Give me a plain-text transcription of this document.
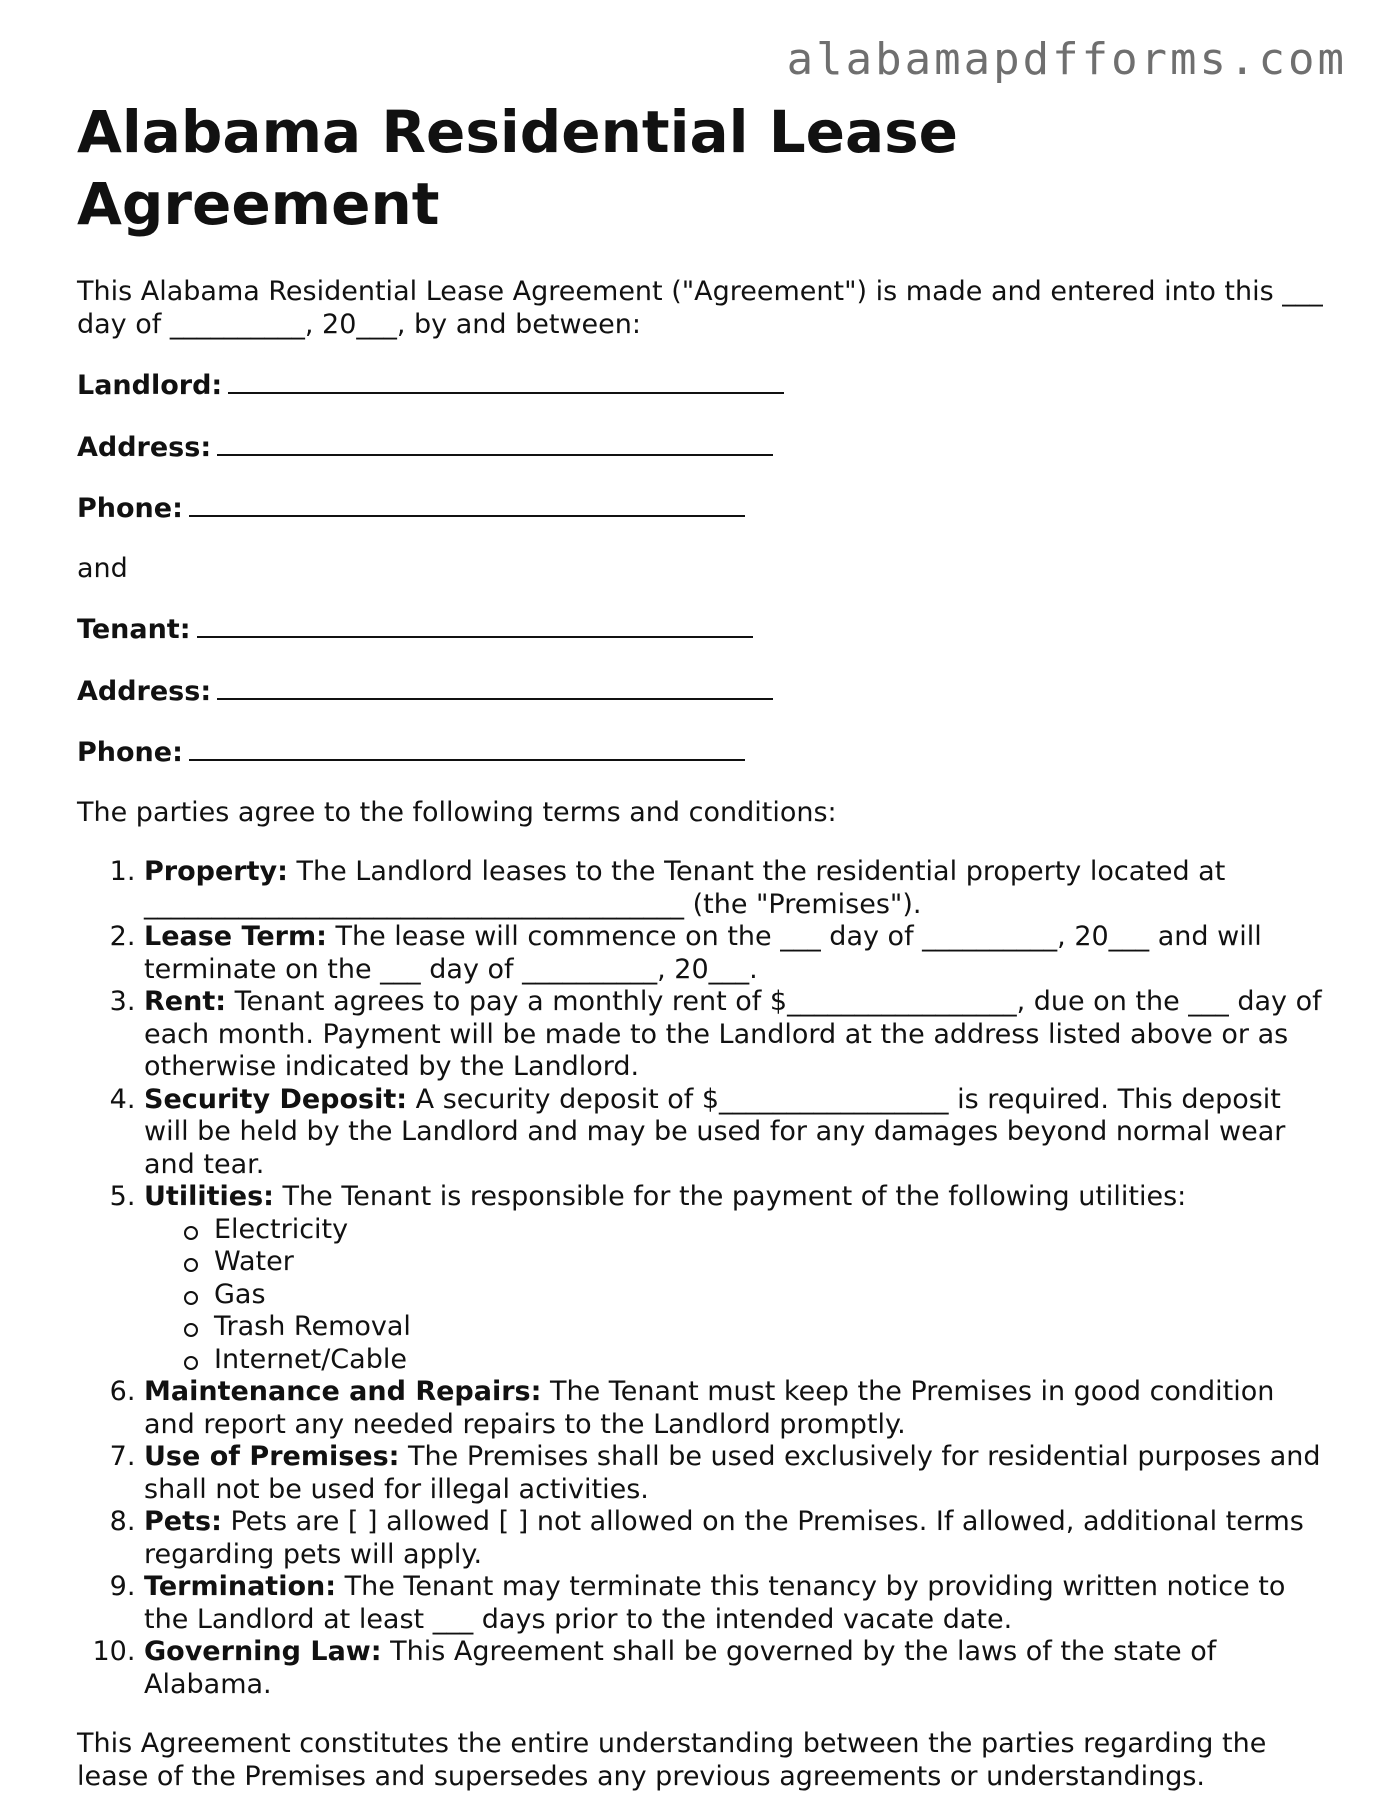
alabamapdfforms.com

Alabama Residential Lease Agreement

This Alabama Residential Lease Agreement ("Agreement") is made and entered into this ___ day of __________, 20___, by and between:

Landlord:

Address:

Phone:

and

Tenant:

Address:

Phone:

The parties agree to the following terms and conditions:

1. Property: The Landlord leases to the Tenant the residential property located at ________________________________________ (the "Premises").
2. Lease Term: The lease will commence on the ___ day of __________, 20___ and will terminate on the ___ day of __________, 20___.
3. Rent: Tenant agrees to pay a monthly rent of $_________________, due on the ___ day of each month. Payment will be made to the Landlord at the address listed above or as otherwise indicated by the Landlord.
4. Security Deposit: A security deposit of $_________________ is required. This deposit will be held by the Landlord and may be used for any damages beyond normal wear and tear.
5. Utilities: The Tenant is responsible for the payment of the following utilities:
Electricity
Water
Gas
Trash Removal
Internet/Cable
6. Maintenance and Repairs: The Tenant must keep the Premises in good condition and report any needed repairs to the Landlord promptly.
7. Use of Premises: The Premises shall be used exclusively for residential purposes and shall not be used for illegal activities.
8. Pets: Pets are [ ] allowed [ ] not allowed on the Premises. If allowed, additional terms regarding pets will apply.
9. Termination: The Tenant may terminate this tenancy by providing written notice to the Landlord at least ___ days prior to the intended vacate date.
10. Governing Law: This Agreement shall be governed by the laws of the state of Alabama.

This Agreement constitutes the entire understanding between the parties regarding the lease of the Premises and supersedes any previous agreements or understandings.
